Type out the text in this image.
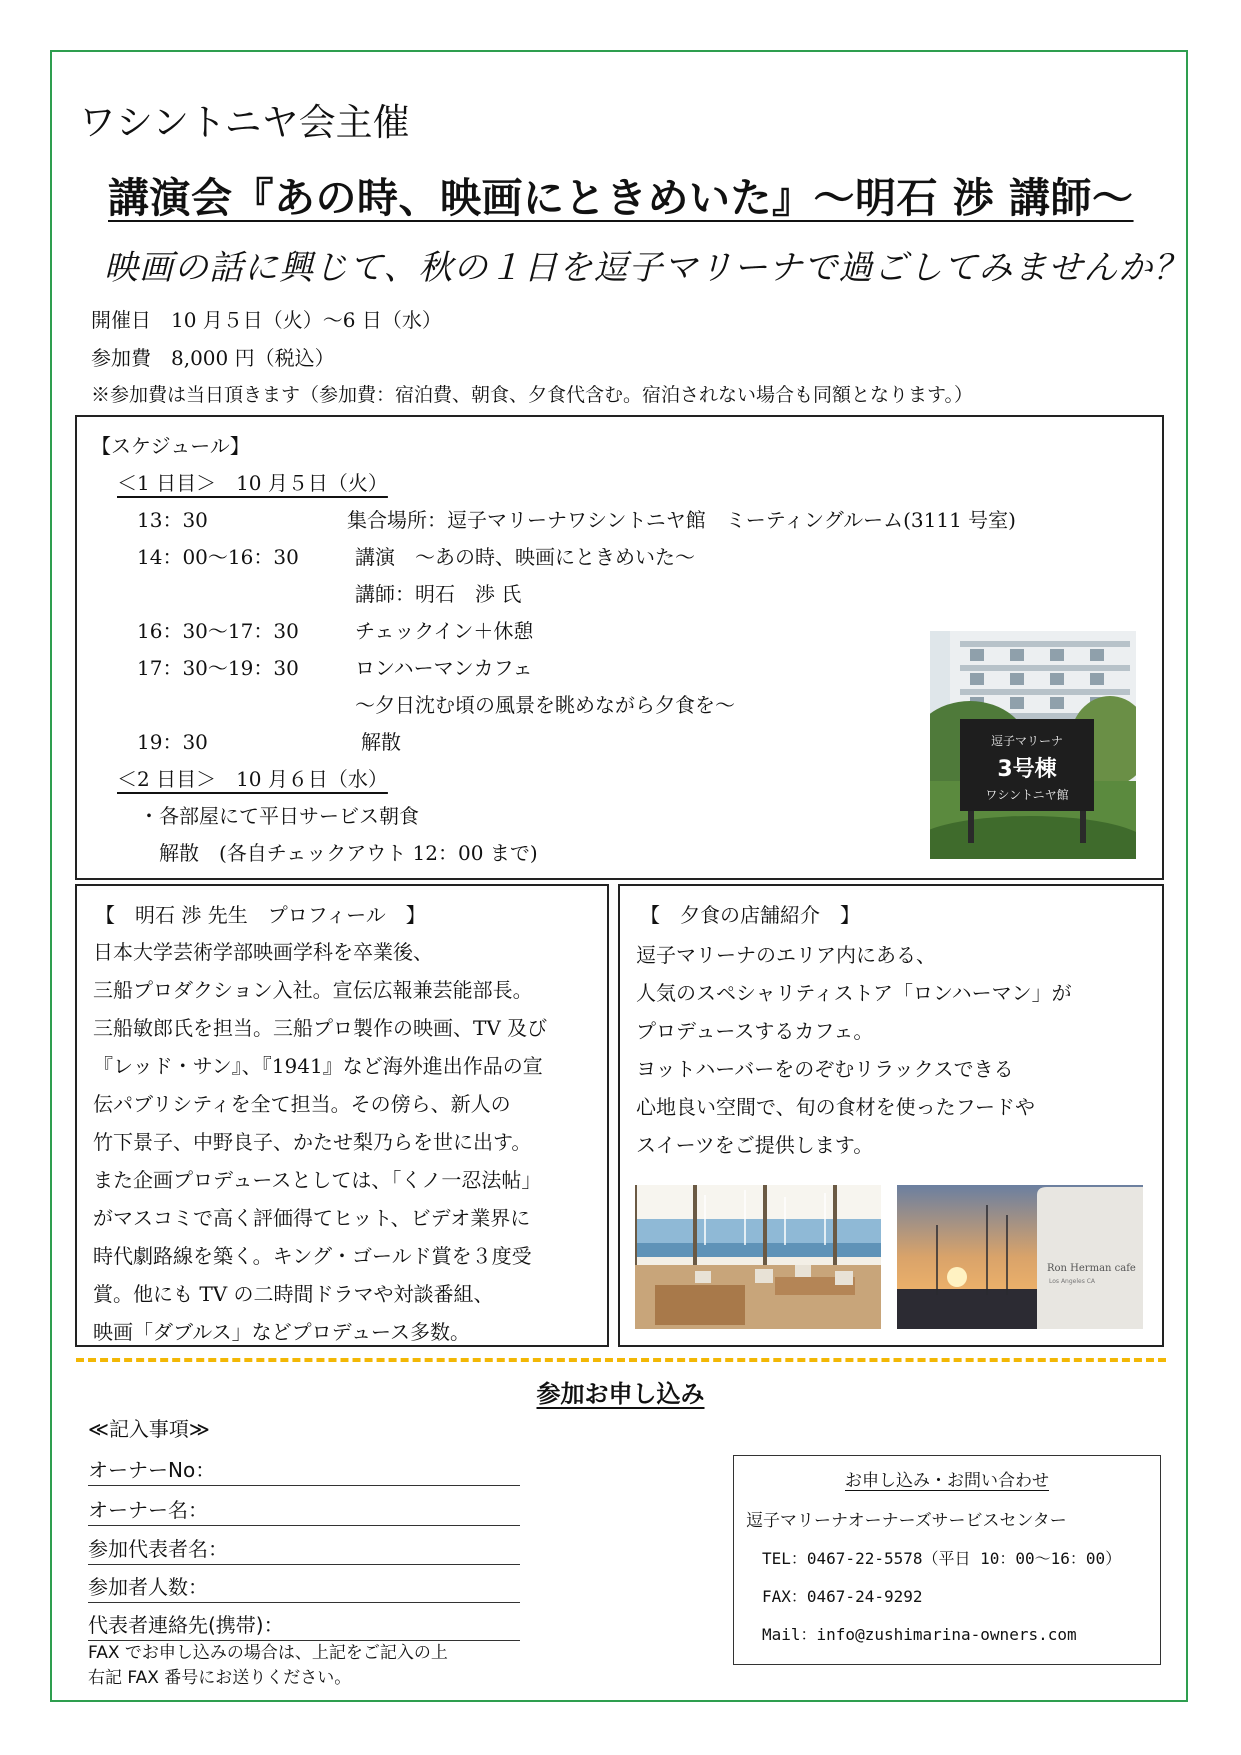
ワシントニヤ会主催
講演会『あの時、映画にときめいた』〜明石 渉 講師〜
映画の話に興じて、秋の１日を逗子マリーナで過ごしてみませんか？
開催日　10 月５日（火）〜6 日（水）
参加費　8,000 円（税込）
※参加費は当日頂きます（参加費：宿泊費、朝食、夕食代含む。宿泊されない場合も同額となります。）
【スケジュール】
＜1 日目＞　10 月５日（火）
13：30	集合場所：逗子マリーナワシントニヤ館　ミーティングルーム(3111 号室)
14：00〜16：30	講演　〜あの時、映画にときめいた〜
講師：明石　渉 氏
16：30〜17：30	チェックイン＋休憩
17：30〜19：30	ロンハーマンカフェ
〜夕日沈む頃の風景を眺めながら夕食を〜
19：30	解散
＜2 日目＞　10 月６日（水）
・各部屋にて平日サービス朝食
解散　(各自チェックアウト 12：00 まで)
逗子マリーナ
3号棟
ワシントニヤ館
【　明石 渉 先生　プロフィール　】
日本大学芸術学部映画学科を卒業後、
三船プロダクション入社。宣伝広報兼芸能部長。
三船敏郎氏を担当。三船プロ製作の映画、TV 及び
『レッド・サン』、『1941』など海外進出作品の宣
伝パブリシティを全て担当。その傍ら、新人の
竹下景子、中野良子、かたせ梨乃らを世に出す。
また企画プロデュースとしては、「くノ一忍法帖」
がマスコミで高く評価得てヒット、ビデオ業界に
時代劇路線を築く。キング・ゴールド賞を３度受
賞。他にも TV の二時間ドラマや対談番組、
映画「ダブルス」などプロデュース多数。
【　夕食の店舗紹介　】
逗子マリーナのエリア内にある、
人気のスペシャリティストア「ロンハーマン」が
プロデュースするカフェ。
ヨットハーバーをのぞむリラックスできる
心地良い空間で、旬の食材を使ったフードや
スイーツをご提供します。
Ron Herman cafe
Los Angeles CA
参加お申し込み
≪記入事項≫
オーナーNo：
オーナー名：
参加代表者名：
参加者人数：
代表者連絡先(携帯)：
FAX でお申し込みの場合は、上記をご記入の上
右記 FAX 番号にお送りください。
お申し込み・お問い合わせ
逗子マリーナオーナーズサービスセンター
TEL：0467-22-5578（平日 10：00〜16：00）
FAX：0467-24-9292
Mail：info@zushimarina-owners.com
